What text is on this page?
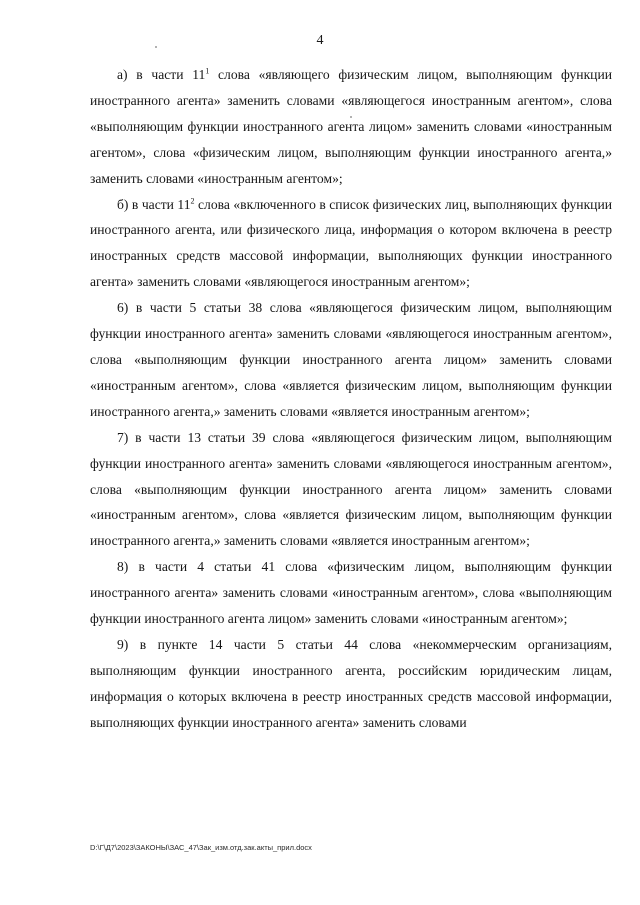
4

а) в части $11^1$ слова «являющего физическим лицом, выполняющим функции иностранного агента» заменить словами «являющегося иностранным агентом», слова «выполняющим функции иностранного агента лицом» заменить словами «иностранным агентом», слова «физическим лицом, выполняющим функции иностранного агента,» заменить словами «иностранным агентом»;

б) в части $11^2$ слова «включенного в список физических лиц, выполняющих функции иностранного агента, или физического лица, информация о котором включена в реестр иностранных средств массовой информации, выполняющих функции иностранного агента» заменить словами «являющегося иностранным агентом»;

6) в части 5 статьи 38 слова «являющегося физическим лицом, выполняющим функции иностранного агента» заменить словами «являющегося иностранным агентом», слова «выполняющим функции иностранного агента лицом» заменить словами «иностранным агентом», слова «является физическим лицом, выполняющим функции иностранного агента,» заменить словами «является иностранным агентом»;

7) в части 13 статьи 39 слова «являющегося физическим лицом, выполняющим функции иностранного агента» заменить словами «являющегося иностранным агентом», слова «выполняющим функции иностранного агента лицом» заменить словами «иностранным агентом», слова «является физическим лицом, выполняющим функции иностранного агента,» заменить словами «является иностранным агентом»;

8) в части 4 статьи 41 слова «физическим лицом, выполняющим функции иностранного агента» заменить словами «иностранным агентом», слова «выполняющим функции иностранного агента лицом» заменить словами «иностранным агентом»;

9) в пункте 14 части 5 статьи 44 слова «некоммерческим организациям, выполняющим функции иностранного агента, российским юридическим лицам, информация о которых включена в реестр иностранных средств массовой информации, выполняющих функции иностранного агента» заменить словами

D:\Г\Д7\2023\ЗАКОНЫ\ЗАС_47\Зак_изм.отд.зак.акты_прил.docx
